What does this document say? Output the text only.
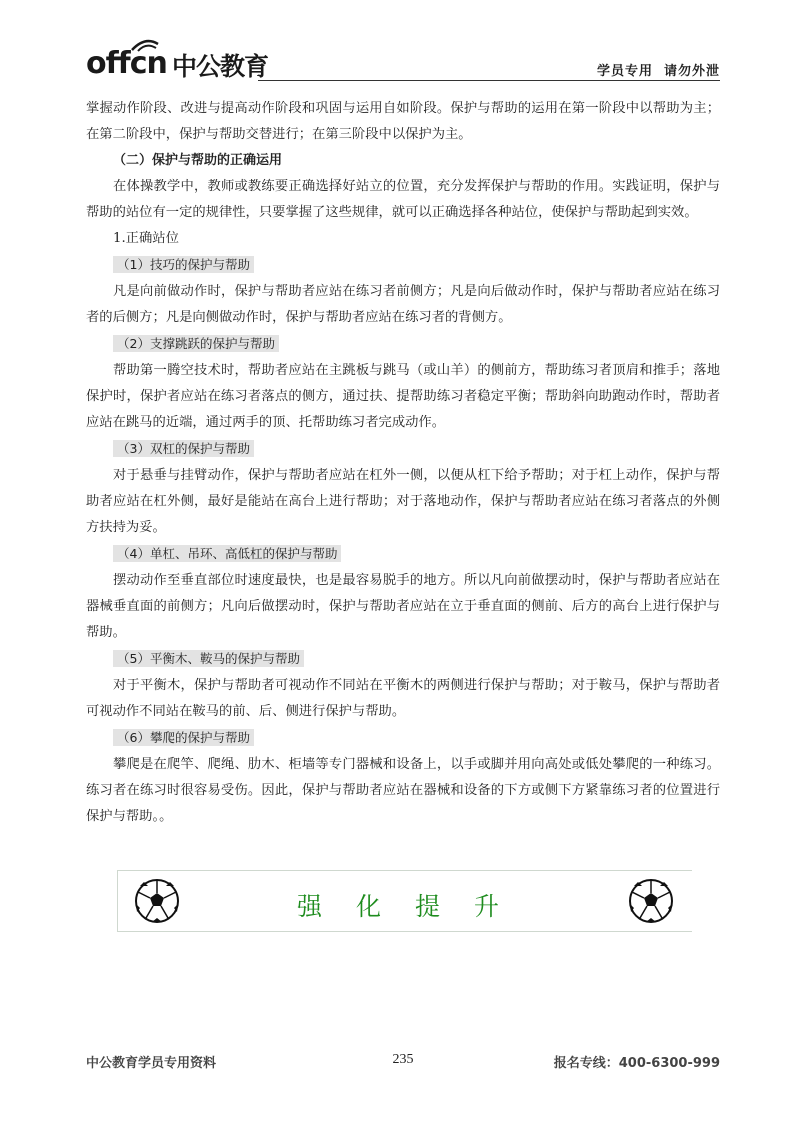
offcn 中公教育	学员专用  请勿外泄

掌握动作阶段、改进与提高动作阶段和巩固与运用自如阶段。保护与帮助的运用在第一阶段中以帮助为主；在第二阶段中，保护与帮助交替进行；在第三阶段中以保护为主。

（二）保护与帮助的正确运用

在体操教学中，教师或教练要正确选择好站立的位置，充分发挥保护与帮助的作用。实践证明，保护与帮助的站位有一定的规律性，只要掌握了这些规律，就可以正确选择各种站位，使保护与帮助起到实效。

1.正确站位

（1）技巧的保护与帮助

凡是向前做动作时，保护与帮助者应站在练习者前侧方；凡是向后做动作时，保护与帮助者应站在练习者的后侧方；凡是向侧做动作时，保护与帮助者应站在练习者的背侧方。

（2）支撑跳跃的保护与帮助

帮助第一腾空技术时，帮助者应站在主跳板与跳马（或山羊）的侧前方，帮助练习者顶肩和推手；落地保护时，保护者应站在练习者落点的侧方，通过扶、提帮助练习者稳定平衡；帮助斜向助跑动作时，帮助者应站在跳马的近端，通过两手的顶、托帮助练习者完成动作。

（3）双杠的保护与帮助

对于悬垂与挂臂动作，保护与帮助者应站在杠外一侧，以便从杠下给予帮助；对于杠上动作，保护与帮助者应站在杠外侧，最好是能站在高台上进行帮助；对于落地动作，保护与帮助者应站在练习者落点的外侧方扶持为妥。

（4）单杠、吊环、高低杠的保护与帮助

摆动动作至垂直部位时速度最快，也是最容易脱手的地方。所以凡向前做摆动时，保护与帮助者应站在器械垂直面的前侧方；凡向后做摆动时，保护与帮助者应站在立于垂直面的侧前、后方的高台上进行保护与帮助。

（5）平衡木、鞍马的保护与帮助

对于平衡木，保护与帮助者可视动作不同站在平衡木的两侧进行保护与帮助；对于鞍马，保护与帮助者可视动作不同站在鞍马的前、后、侧进行保护与帮助。

（6）攀爬的保护与帮助

攀爬是在爬竿、爬绳、肋木、柜墙等专门器械和设备上，以手或脚并用向高处或低处攀爬的一种练习。练习者在练习时很容易受伤。因此，保护与帮助者应站在器械和设备的下方或侧下方紧靠练习者的位置进行保护与帮助。。

强化提升
中公教育学员专用资料	235	报名专线：400-6300-999
